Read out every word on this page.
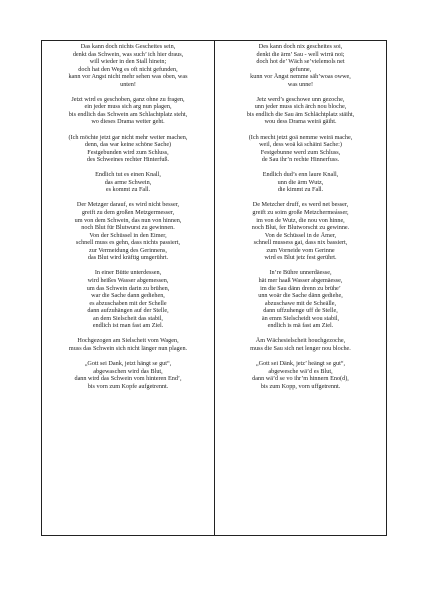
Das kann doch nichts Gescheites sein,
denkt das Schwein, was such’ ich hier draus,
will wieder in den Stall hinein;
doch hat den Weg es oft nicht gefunden,
kann vor Angst nicht mehr sehen was oben, was
unten!
Jetzt wird es geschoben, ganz ohne zu fragen,
ein jeder muss sich arg nun plagen,
bis endlich das Schwein am Schlachtplatz steht,
wo dieses Drama weiter geht.
(Ich möchte jetzt gar nicht mehr weiter machen,
denn, das war keine schöne Sache)
Festgebunden wird zum Schluss,
des Schweines rechter Hinterfuß.
Endlich tut es einen Knall,
das arme Schwein,
es kommt zu Fall.
Der Metzger darauf, es wird nicht besser,
greift zu dem großen Metzgermesser,
um von dem Schwein, das nun von hinnen,
noch Blut für Blutwurst zu gewinnen.
Von der Schüssel in den Eimer,
schnell muss es gehn, dass nichts passiert,
zur Vermeidung des Gerinnens,
das Blut wird kräftig umgerührt.
In einer Bütte unterdessen,
wird heißes Wasser abgemessen,
um das Schwein darin zu brühen,
war die Sache dann gediehen,
es abzuschaben mit der Schelle
dann aufzuhängen auf der Stelle,
an dem Sielscheit das stabil,
endlich ist man fast am Ziel.
Hochgezogen am Sielscheit vom Wagen,
muss das Schwein sich nicht länger nun plagen.
„Gott sei Dank, jetzt hängt se gut“,
abgewaschen wird das Blut,
dann wird das Schwein vom hinteren End’,
bis vorn zum Kopfe aufgetrennt.
Des kann doch nix gescheites soi,
denkt die ärm’ Sau - well wirrä noi;
doch hot de’ Wäch se’vielemols net
gefunne,
kunn vor Ängst nemme säh’woas owwe,
was unne!
Jetz werd’s geschowe unn gezoche,
unn jeder muss sich ärch nou bloche,
bis endlich die Sau äm Schlächtplatz stäiht,
wou dess Drama weirä gäiht.
(Ich mecht jetzt goä nemme weirä mache,
weil, dess woä kä schäini Sache:)
Festgebunne werd zum Schluss,
de Sau ihr’n rechte Hinnerfuss.
Endlich dud’s enn laure Knall,
unn die ärm Wutz,
die kimmt zu Fall.
De Metzcher druff, es werd net besser,
greift zu soim große Metzchermeásser,
im von de Wutz, die nou von hinne,
noch Blut, fer Blutworscht zu gewinne.
Von de Schüssel in de Ämer,
schnell mussess gai, dass nix bassiert,
zum Vorneide vom Gerinne
wird es Blut jetz fest gerührt.
In’re Bühre unnerdäesse,
hät mer haaß Wasser abgemäesse,
im die Sau dänn drenn zu brühe’
unn woär die Sache dänn gediehe,
abzuschawe mit de Scheälle,
dann uffzuhenge uff de Stelle,
än emm Sielscheidt wou stabil,
endlich is mä fast am Ziel.
Äm Wächesielscheit houchgezoche,
muss die Sau sich net lenger nou bloche.
„Gott sei Dänk, jetz’ heängt se gut“,
abgewesche wä’d es Blut,
dann wä’d se vo ihr’m hinnern Eno(d),
bis zum Kopp, vorn uffgetrennt.
